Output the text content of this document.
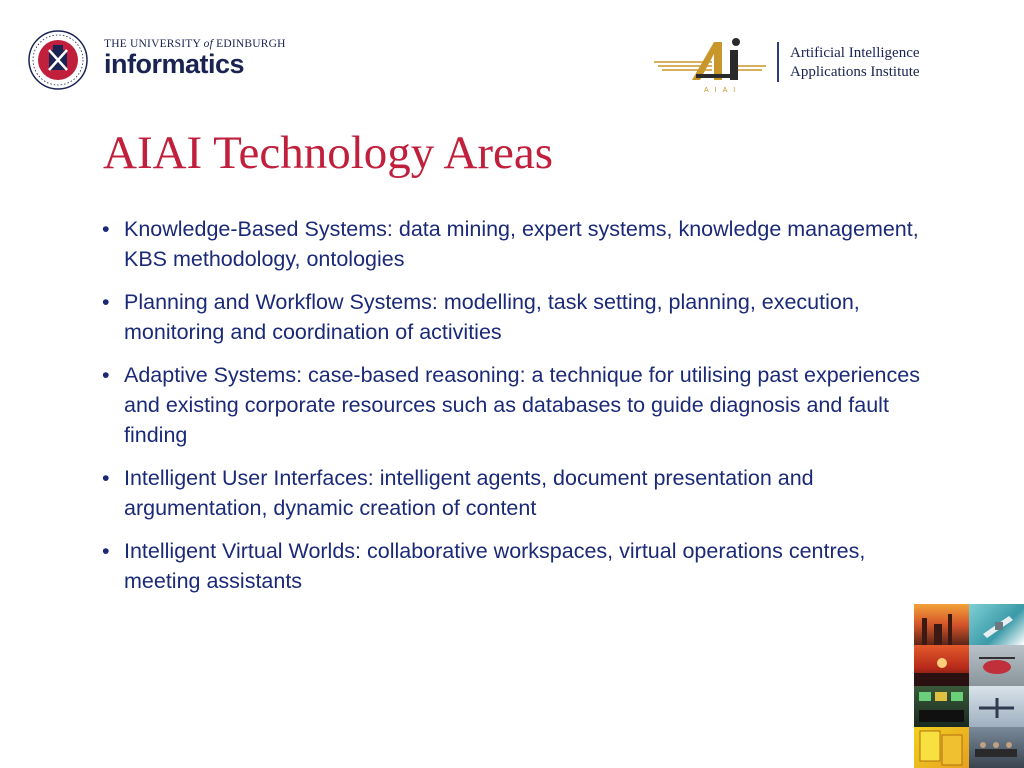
THE UNIVERSITY of EDINBURGH
informatics
AIAI
Artificial Intelligence
Applications Institute
AIAI Technology Areas
• Knowledge-Based Systems: data mining, expert systems, knowledge management, KBS methodology, ontologies
• Planning and Workflow Systems: modelling, task setting, planning, execution, monitoring and coordination of activities
• Adaptive Systems: case-based reasoning: a technique for utilising past experiences and existing corporate resources such as databases to guide diagnosis and fault finding
• Intelligent User Interfaces: intelligent agents, document presentation and argumentation, dynamic creation of content
• Intelligent Virtual Worlds: collaborative workspaces, virtual operations centres, meeting assistants
